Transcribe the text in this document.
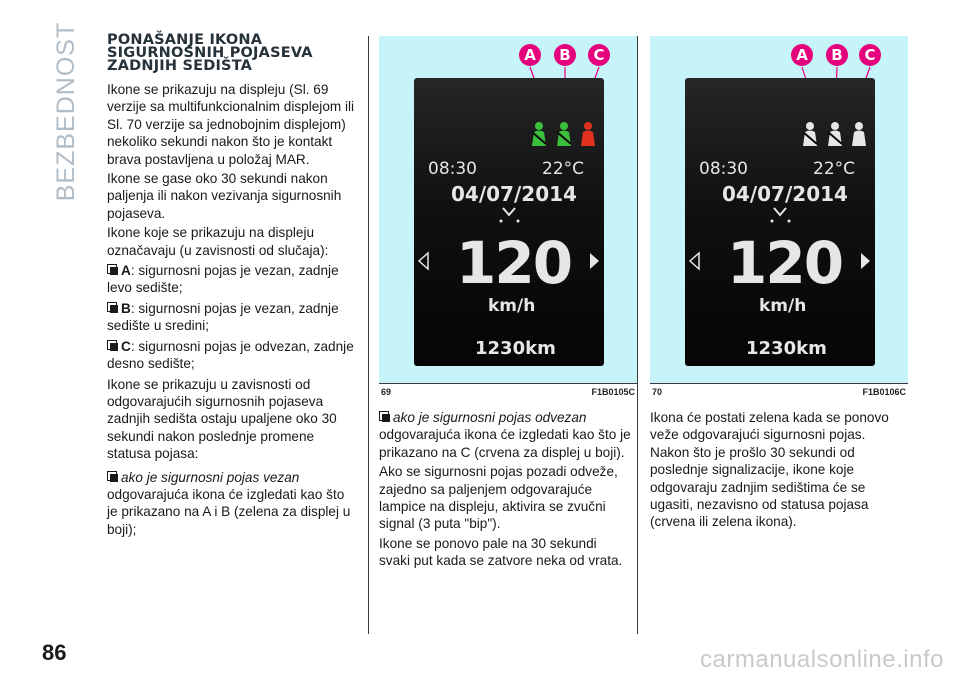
BEZBEDNOST PONAŠANJE IKONA SIGURNOSNIH POJASEVA ZADNJIH SEDIŠTA

Ikone se prikazuju na displeju (Sl. 69 verzije sa multifunkcionalnim displejom ili Sl. 70 verzije sa jednobojnim displejom) nekoliko sekundi nakon što je kontakt brava postavljena u položaj MAR.

Ikone se gase oko 30 sekundi nakon paljenja ili nakon vezivanja sigurnosnih pojaseva.

Ikone koje se prikazuju na displeju označavaju (u zavisnosti od slučaja):

A: sigurnosni pojas je vezan, zadnje levo sedište;
B: sigurnosni pojas je vezan, zadnje sedište u sredini;
C: sigurnosni pojas je odvezan, zadnje desno sedište;

Ikone se prikazuju u zavisnosti od odgovarajućih sigurnosnih pojaseva zadnjih sedišta ostaju upaljene oko 30 sekundi nakon poslednje promene statusa pojasa:

ako je sigurnosni pojas vezan

odgovarajuća ikona će izgledati kao što je prikazano na A i B (zelena za displej u boji);

A	B	C
08:30	22°C
04/07/2014
120
km/h
1230km
69	F1B0105C
A	B	C
08:30	22°C
04/07/2014
120
km/h
1230km
70	F1B0106C
ako je sigurnosni pojas odvezan

odgovarajuća ikona će izgledati kao što je prikazano na C (crvena za displej u boji).

Ako se sigurnosni pojas pozadi odveže, zajedno sa paljenjem odgovarajuće lampice na displeju, aktivira se zvučni signal (3 puta "bip").

Ikone se ponovo pale na 30 sekundi svaki put kada se zatvore neka od vrata.

Ikona će postati zelena kada se ponovo veže odgovarajući sigurnosni pojas. Nakon što je prošlo 30 sekundi od poslednje signalizacije, ikone koje odgovaraju zadnjim sedištima će se ugasiti, nezavisno od statusa pojasa (crvena ili zelena ikona).

86	carmanualsonline.info
